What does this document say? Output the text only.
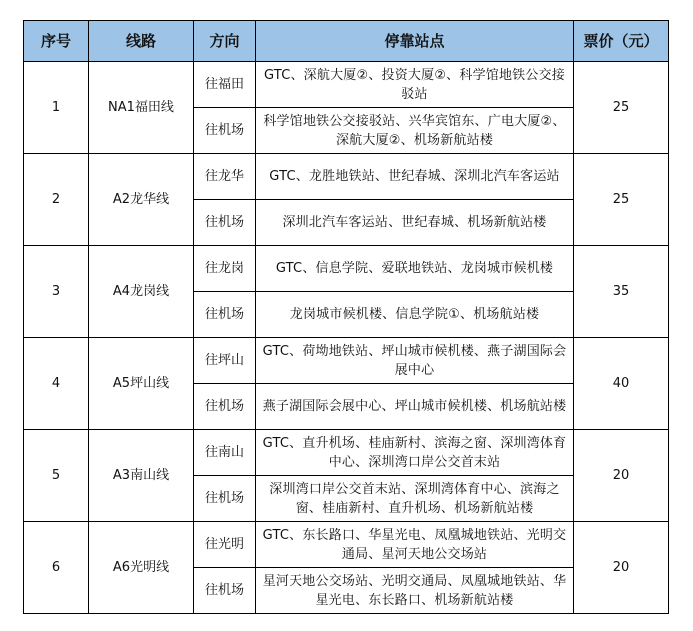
序号	线路	方向	停靠站点	票价（元）
1	NA1福田线	往福田	GTC、深航大厦②、投资大厦②、科学馆地铁公交接驳站	25
		往机场	科学馆地铁公交接驳站、兴华宾馆东、广电大厦②、深航大厦②、机场新航站楼	
2	A2龙华线	往龙华	GTC、龙胜地铁站、世纪春城、深圳北汽车客运站	25
		往机场	深圳北汽车客运站、世纪春城、机场新航站楼	
3	A4龙岗线	往龙岗	GTC、信息学院、爱联地铁站、龙岗城市候机楼	35
		往机场	龙岗城市候机楼、信息学院①、机场航站楼	
4	A5坪山线	往坪山	GTC、荷坳地铁站、坪山城市候机楼、燕子湖国际会展中心	40
		往机场	燕子湖国际会展中心、坪山城市候机楼、机场航站楼	
5	A3南山线	往南山	GTC、直升机场、桂庙新村、滨海之窗、深圳湾体育中心、深圳湾口岸公交首末站	20
		往机场	深圳湾口岸公交首末站、深圳湾体育中心、滨海之窗、桂庙新村、直升机场、机场新航站楼	
6	A6光明线	往光明	GTC、东长路口、华星光电、凤凰城地铁站、光明交通局、星河天地公交场站	20
		往机场	星河天地公交场站、光明交通局、凤凰城地铁站、华星光电、东长路口、机场新航站楼	
